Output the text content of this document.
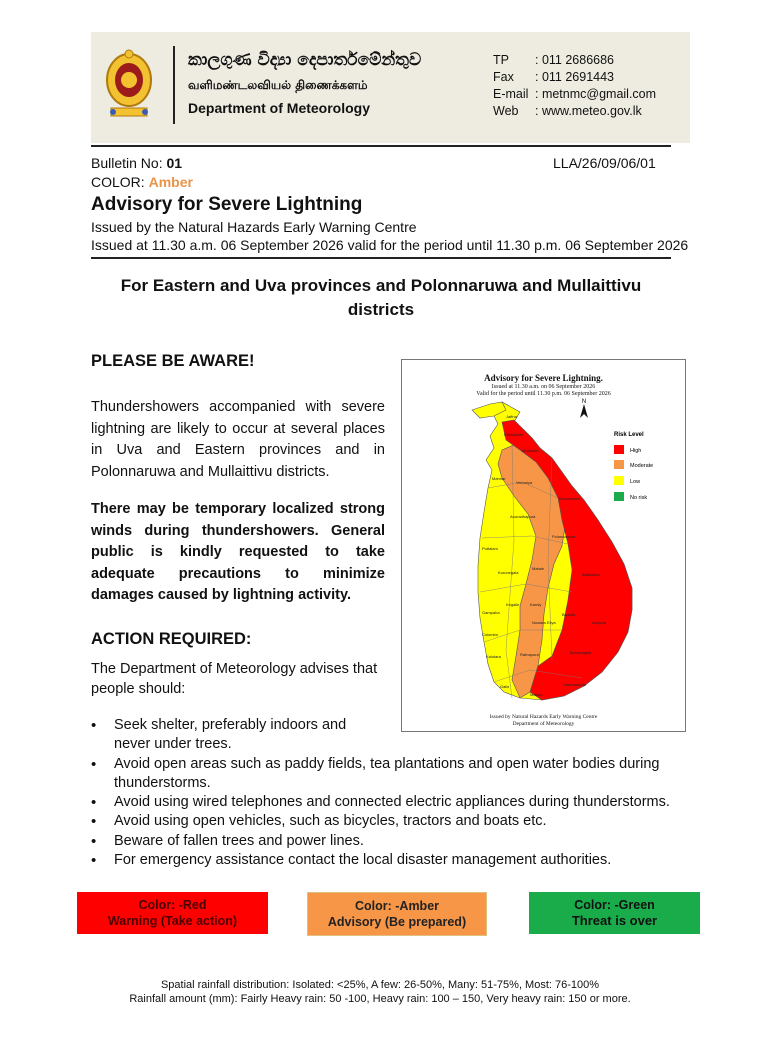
කාලගුණ විද්‍යා දෙපාර්තමේන්තුව
வளிமண்டலவியல் திணைக்களம்
Department of Meteorology
TP	: 011 2686686
Fax	: 011 2691443
E-mail : metnmc@gmail.com
Web	: www.meteo.gov.lk
Bulletin No: 01	LLA/26/09/06/01
COLOR: Amber
Advisory for Severe Lightning
Issued by the Natural Hazards Early Warning Centre
Issued at 11.30 a.m. 06 September 2026 valid for the period until 11.30 p.m. 06 September 2026
For Eastern and Uva provinces and Polonnaruwa and Mullaittivu districts
PLEASE BE AWARE!
Thundershowers accompanied with severe lightning are likely to occur at several places in Uva and Eastern provinces and in Polonnaruwa and Mullaittivu districts.
There may be temporary localized strong winds during thundershowers. General public is kindly requested to take adequate precautions to minimize damages caused by lightning activity.
ACTION REQUIRED:
The Department of Meteorology advises that people should:
• Seek shelter, preferably indoors and never under trees.
• Avoid open areas such as paddy fields, tea plantations and open water bodies during thunderstorms.
• Avoid using wired telephones and connected electric appliances during thunderstorms.
• Avoid using open vehicles, such as bicycles, tractors and boats etc.
• Beware of fallen trees and power lines.
• For emergency assistance contact the local disaster management authorities.
Advisory for Severe Lightning.
Issued at 11.30 a.m. on 06 September 2026
Valid for the period until 11.30 p.m. 06 September 2026
N
Risk Level
High
Moderate
Low
No risk
Jaffna
Kilinochchi
Mullaitivu
Mannar
Vavuniya
Trincomalee
Anuradhapura
Polonnaruwa
Puttalam
Kurunegala
Matale
Batticaloa
Kandy
Gampaha
Kegalle
Nuwara Eliya
Badulla
Ampara
Colombo
Kalutara	Ratnapura	Moneragala
Galle
Matara
Hambantota
Issued by Natural Hazards Early Warning Centre
Department of Meteorology
Color: -Red
Warning (Take action)
Color: -Amber
Advisory (Be prepared)
Color: -Green
Threat is over
Spatial rainfall distribution: Isolated: <25%, A few: 26-50%, Many: 51-75%, Most: 76-100%
Rainfall amount (mm): Fairly Heavy rain: 50 -100, Heavy rain: 100 – 150, Very heavy rain: 150 or more.
